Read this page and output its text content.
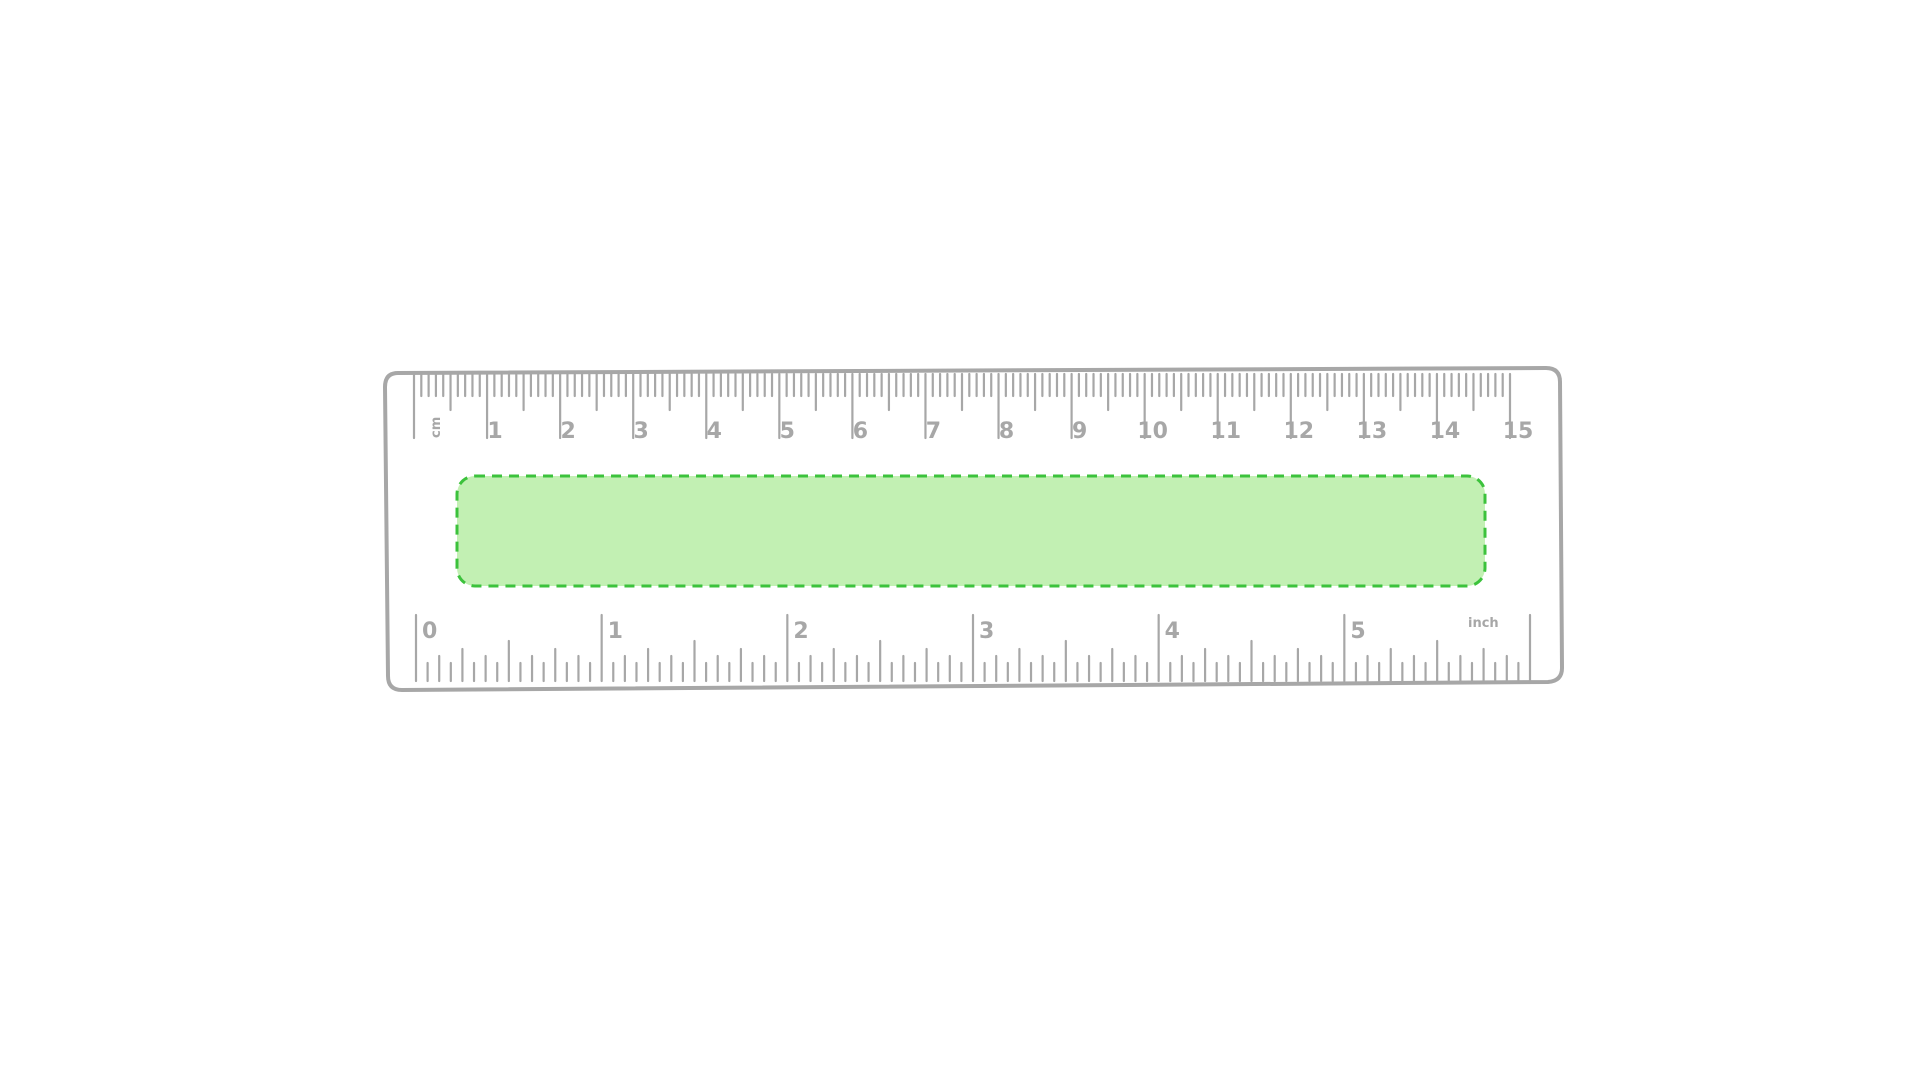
1	2	3	4	5	6	7	8	9 10 11 12 13 14 15
cm
0	1	2	3	4	5	inch
